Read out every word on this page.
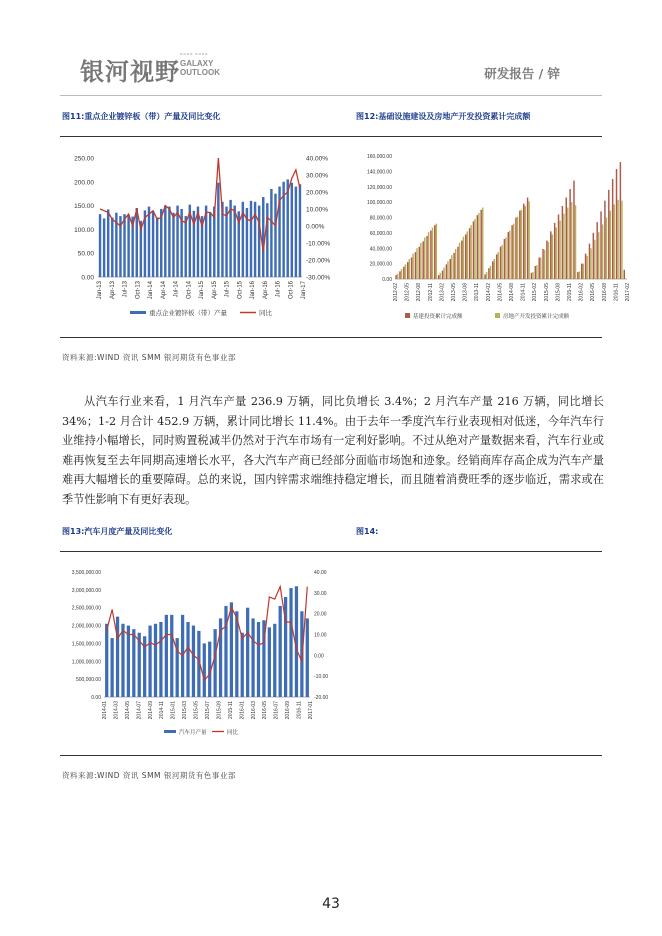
银河视野
OOOO OOOO
GALAXY
OUTLOOK	研发报告 / 锌
图11:重点企业镀锌板（带）产量及同比变化	图12:基础设施建设及房地产开发投资累计完成额
资料来源:WIND 资讯 SMM 银河期货有色事业部
250.00
200.00
150.00
100.00
50.00
0.00
40.00%
30.00%
20.00%
10.00%
0.00%
-10.00%
-20.00%
-30.00%
Jan-13 Apr-13 Jul-13 Oct-13 Jan-14 Apr-14 Jul-14 Oct-14 Jan-15 Apr-15 Jul-15 Oct-15 Jan-16 Apr-16 Jul-16 Oct-16 Jan-17
重点企业镀锌板（带）产量	同比
160,000.00
140,000.00
120,000.00
100,000.00
80,000.00
60,000.00
40,000.00
20,000.00
0.00
2012-02 2012-05 2012-08 2012-11 2013-02 2013-05 2013-08 2013-11 2014-02 2014-05 2014-08 2014-11 2015-02 2015-05 2015-08 2015-11 2016-02 2016-05 2016-08 2016-11 2017-02
基建投资累计完成额	房地产开发投资累计完成额
从汽车行业来看，1 月汽车产量 236.9 万辆，同比负增长 3.4%；2 月汽车产量 216 万辆，同比增长 34%；1-2 月合计 452.9 万辆，累计同比增长 11.4%。由于去年一季度汽车行业表现相对低迷，今年汽车行业维持小幅增长，同时购置税减半仍然对于汽车市场有一定利好影响。不过从绝对产量数据来看，汽车行业或难再恢复至去年同期高速增长水平，各大汽车产商已经部分面临市场饱和迹象。经销商库存高企成为汽车产量难再大幅增长的重要障碍。总的来说，国内锌需求端维持稳定增长，而且随着消费旺季的逐步临近，需求或在季节性影响下有更好表现。
图13:汽车月度产量及同比变化	图14:
资料来源:WIND 资讯 SMM 银河期货有色事业部
3,500,000.00
3,000,000.00
2,500,000.00
2,000,000.00
1,500,000.00
1,000,000.00
500,000.00
0.00
40.00
30.00
20.00
10.00
0.00
-10.00
-20.00
2014-01 2014-03 2014-05 2014-07 2014-09 2014-11 2015-01 2015-03 2015-05 2015-07 2015-09 2015-11 2016-01 2016-03 2016-05 2016-07 2016-09 2016-11 2017-01
汽车月产量	同比
43
